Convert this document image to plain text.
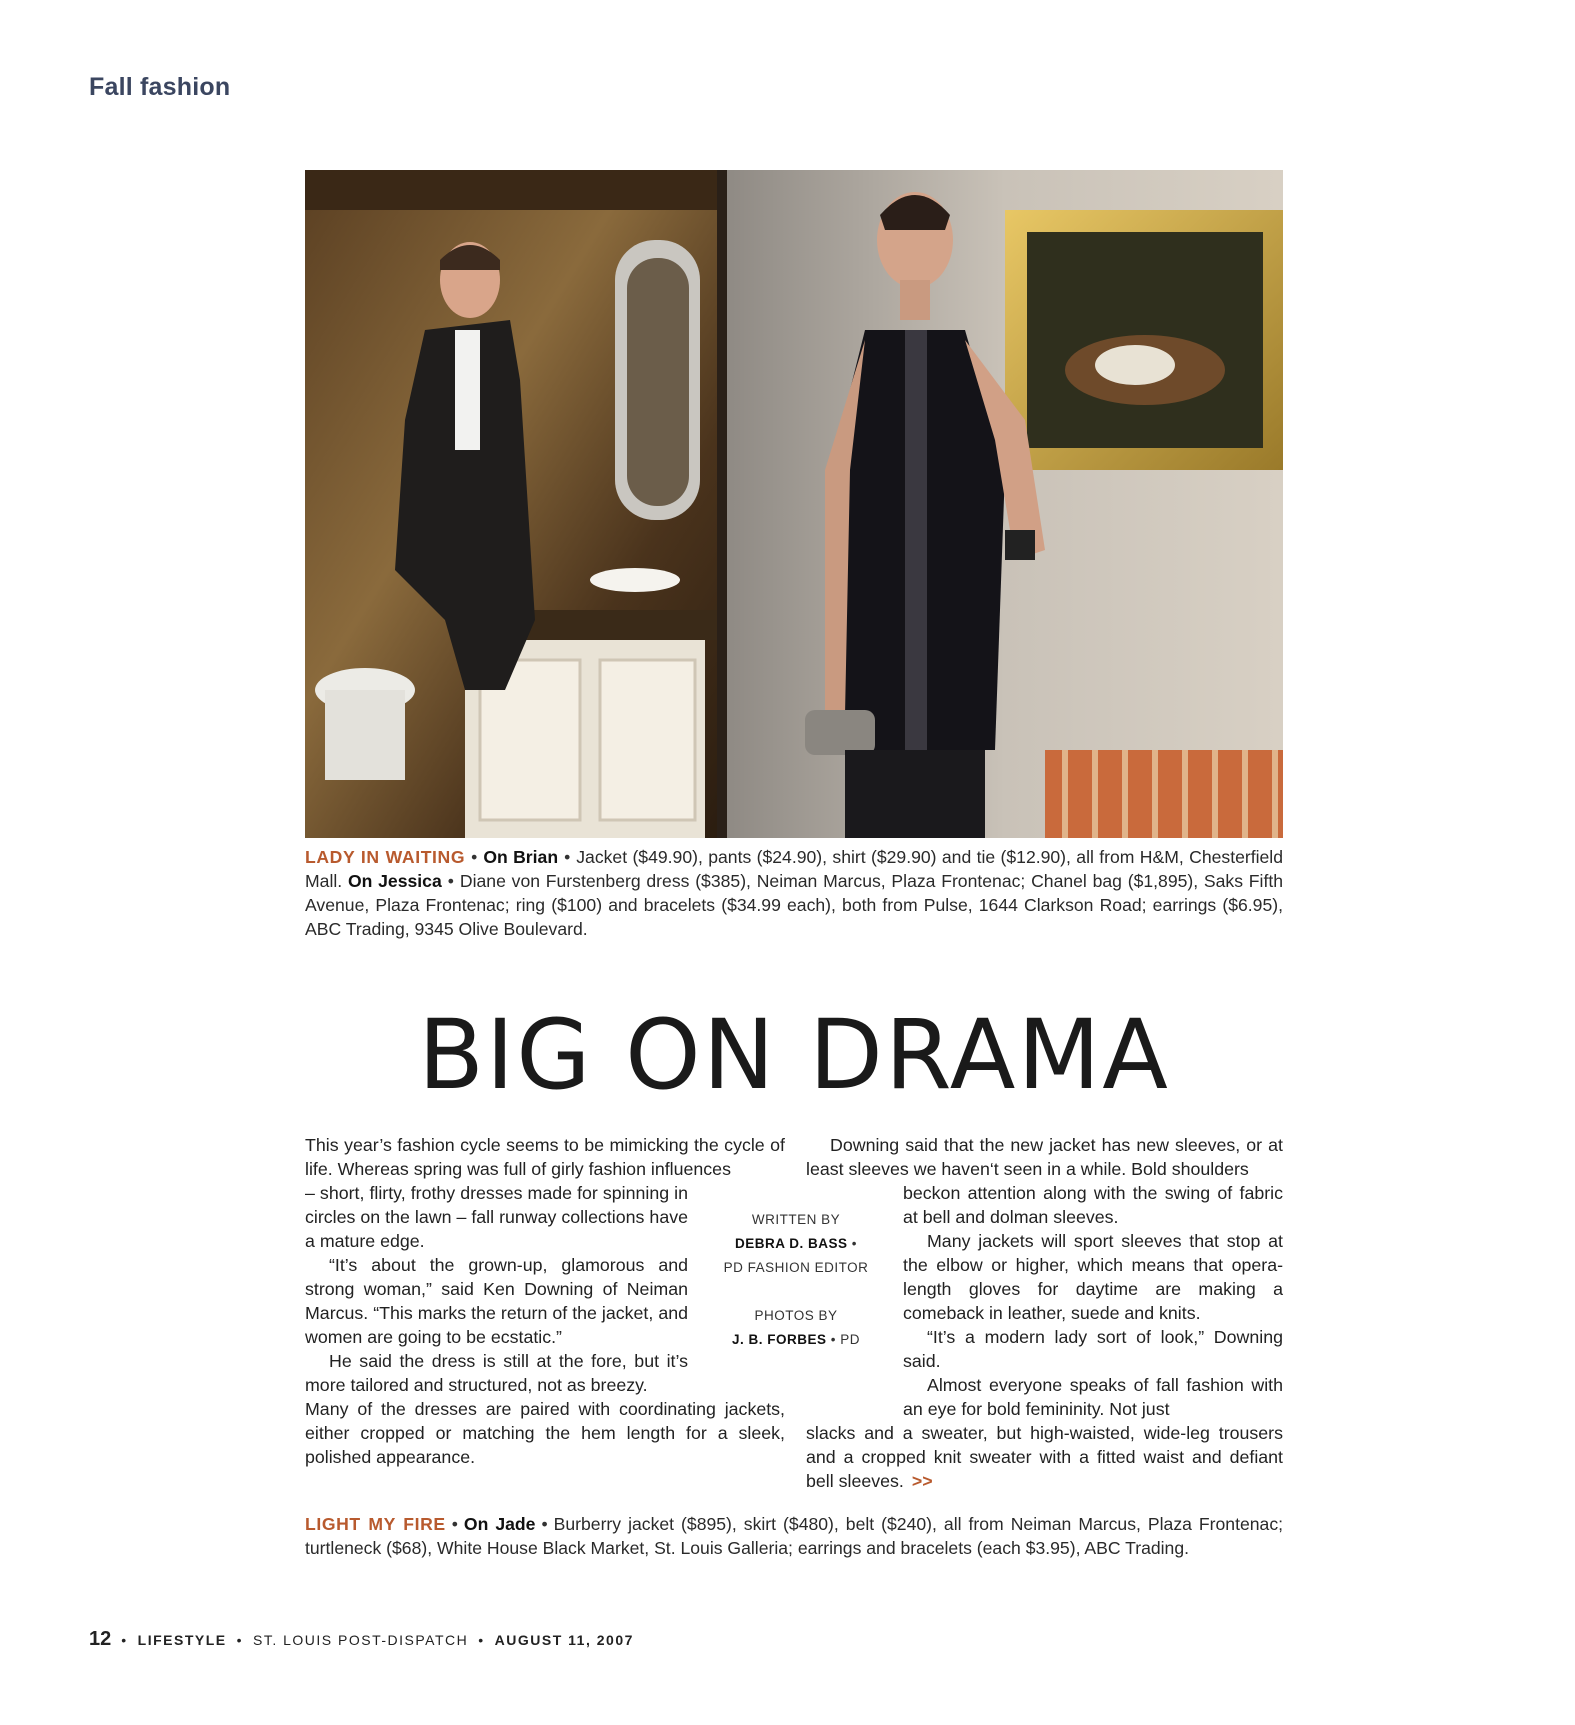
Fall fashion
LADY IN WAITING • On Brian • Jacket ($49.90), pants ($24.90), shirt ($29.90) and tie ($12.90), all from H&M, Chesterfield Mall. On Jessica • Diane von Furstenberg dress ($385), Neiman Marcus, Plaza Frontenac; Chanel bag ($1,895), Saks Fifth Avenue, Plaza Frontenac; ring ($100) and bracelets ($34.99 each), both from Pulse, 1644 Clarkson Road; earrings ($6.95), ABC Trading, 9345 Olive Boulevard.
BIG ON DRAMA

This year’s fashion cycle seems to be mimicking the cycle of life. Whereas spring was full of girly fashion influences

– short, flirty, frothy dresses made for spinning in circles on the lawn – fall runway collections have a mature edge.

“It’s about the grown-up, glamorous and strong woman,” said Ken Downing of Neiman Marcus. “This marks the return of the jacket, and women are going to be ecstatic.”

He said the dress is still at the fore, but it’s more tailored and structured, not as breezy.

Many of the dresses are paired with coordinating jackets, either cropped or matching the hem length for a sleek, polished appearance.

WRITTEN BY
DEBRA D. BASS •
PD FASHION EDITOR
PHOTOS BY
J. B. FORBES • PD

Downing said that the new jacket has new sleeves, or at least sleeves we haven‘t seen in a while. Bold shoulders

beckon attention along with the swing of fabric at bell and dolman sleeves.

Many jackets will sport sleeves that stop at the elbow or higher, which means that opera-length gloves for daytime are making a comeback in leather, suede and knits.

“It’s a modern lady sort of look,” Downing said.

Almost everyone speaks of fall fashion with an eye for bold femininity. Not just

slacks and a sweater, but high-waisted, wide-leg trousers and a cropped knit sweater with a fitted waist and defiant bell sleeves. >>

LIGHT MY FIRE • On Jade • Burberry jacket ($895), skirt ($480), belt ($240), all from Neiman Marcus, Plaza Frontenac; turtleneck ($68), White House Black Market, St. Louis Galleria; earrings and bracelets (each $3.95), ABC Trading.
12 • LIFESTYLE • ST. LOUIS POST-DISPATCH • AUGUST 11, 2007
